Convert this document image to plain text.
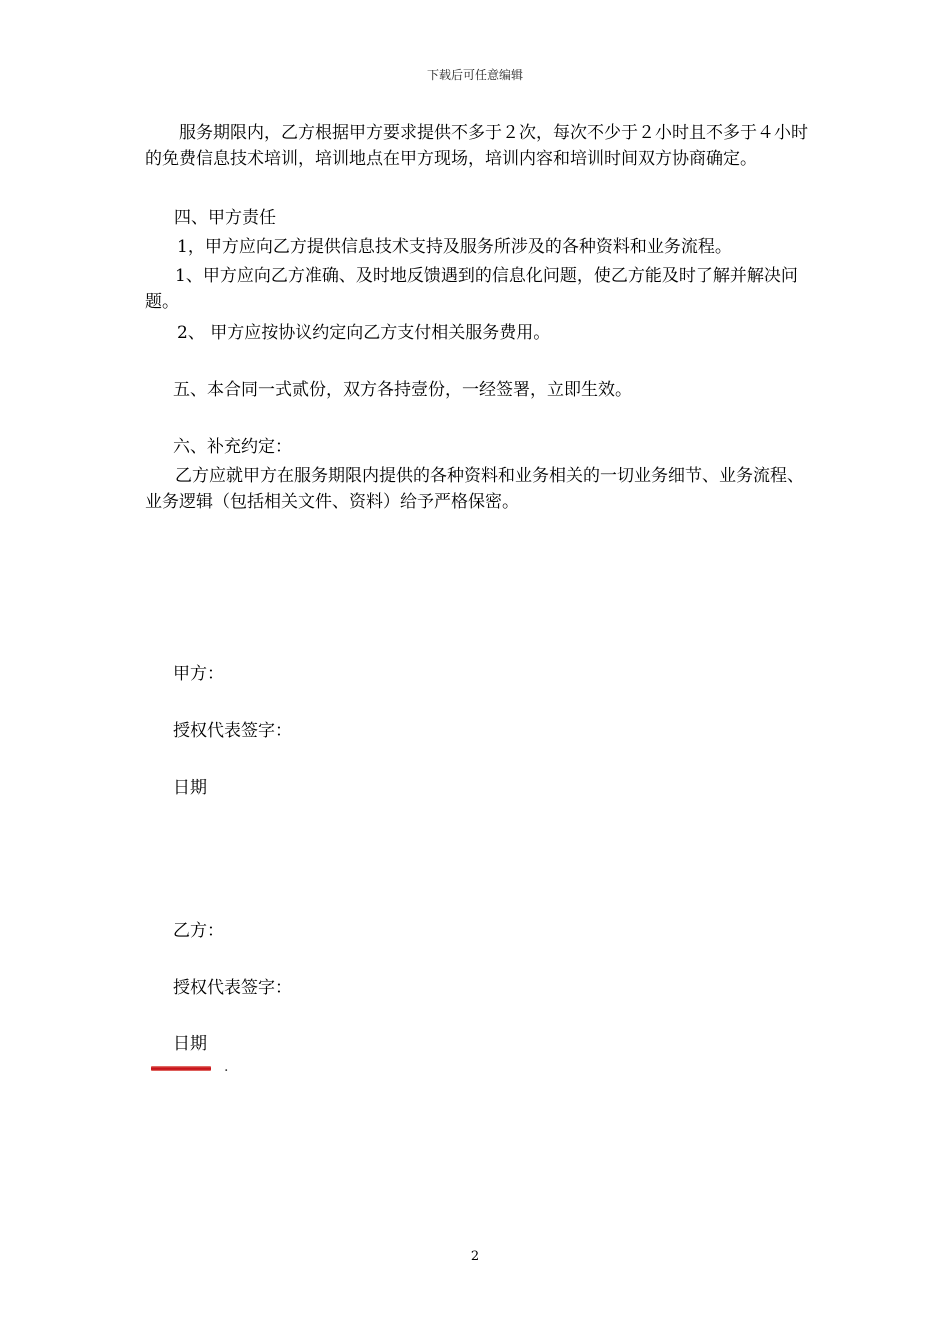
下载后可任意编辑

服务期限内，乙方根据甲方要求提供不多于２次，每次不少于２小时且不多于４小时的免费信息技术培训，培训地点在甲方现场，培训内容和培训时间双方协商确定。

四、甲方责任

1，甲方应向乙方提供信息技术支持及服务所涉及的各种资料和业务流程。

1、甲方应向乙方准确、及时地反馈遇到的信息化问题，使乙方能及时了解并解决问题。

2、 甲方应按协议约定向乙方支付相关服务费用。

五、本合同一式贰份，双方各持壹份，一经签署，立即生效。

六、补充约定：

乙方应就甲方在服务期限内提供的各种资料和业务相关的一切业务细节、业务流程、业务逻辑（包括相关文件、资料）给予严格保密。

甲方：

授权代表签字：

日期

乙方：

授权代表签字：

日期

.
2
